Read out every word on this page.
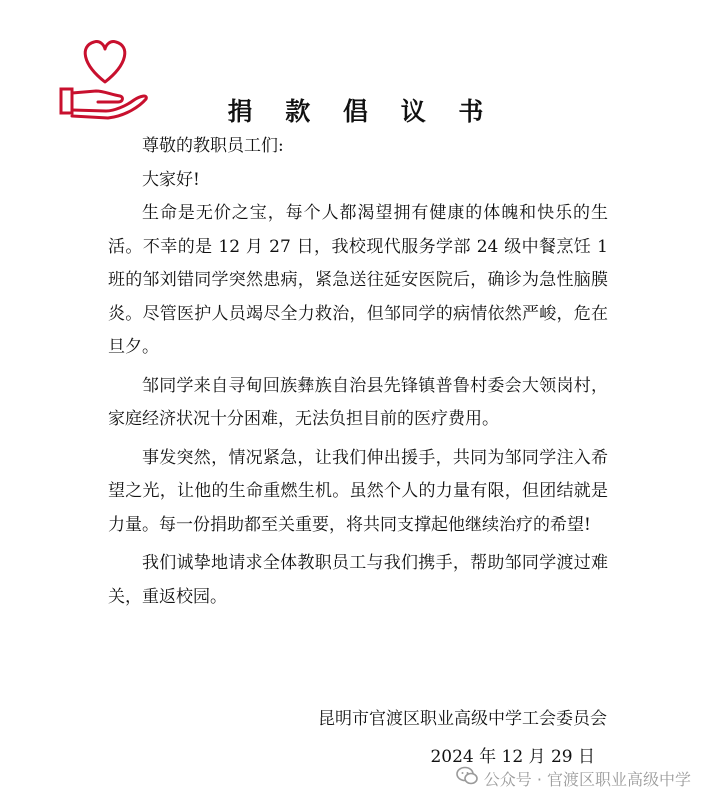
捐 款 倡 议 书

尊敬的教职员工们:

大家好!

生命是无价之宝，每个人都渴望拥有健康的体魄和快乐的生活。不幸的是 12 月 27 日，我校现代服务学部 24 级中餐烹饪 1 班的邹刘错同学突然患病，紧急送往延安医院后，确诊为急性脑膜炎。尽管医护人员竭尽全力救治，但邹同学的病情依然严峻，危在旦夕。

邹同学来自寻甸回族彝族自治县先锋镇普鲁村委会大领岗村，家庭经济状况十分困难，无法负担目前的医疗费用。

事发突然，情况紧急，让我们伸出援手，共同为邹同学注入希望之光，让他的生命重燃生机。虽然个人的力量有限，但团结就是力量。每一份捐助都至关重要，将共同支撑起他继续治疗的希望!

我们诚挚地请求全体教职员工与我们携手，帮助邹同学渡过难关，重返校园。

昆明市官渡区职业高级中学工会委员会
2024 年 12 月 29 日
公众号 · 官渡区职业高级中学
